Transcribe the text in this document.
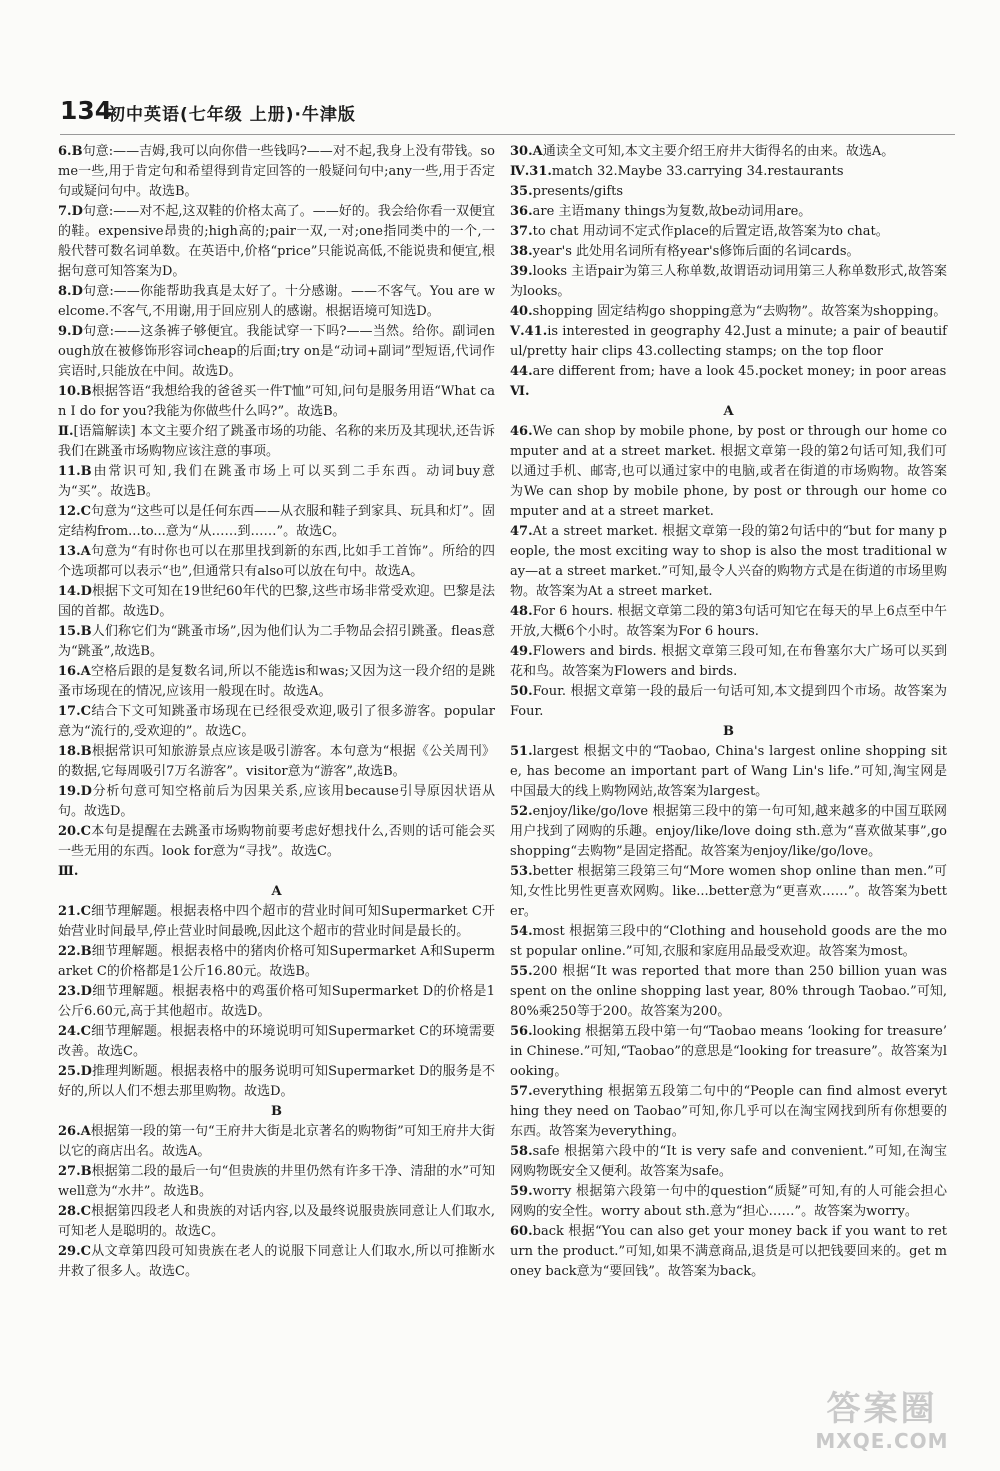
134
初中英语(七年级 上册)·牛津版
6.B句意:——吉姆,我可以向你借一些钱吗?——对不起,我身上没有带钱。some一些,用于肯定句和希望得到肯定回答的一般疑问句中;any一些,用于否定句或疑问句中。故选B。
7.D句意:——对不起,这双鞋的价格太高了。——好的。我会给你看一双便宜的鞋。expensive昂贵的;high高的;pair一双,一对;one指同类中的一个,一般代替可数名词单数。在英语中,价格“price”只能说高低,不能说贵和便宜,根据句意可知答案为D。
8.D句意:——你能帮助我真是太好了。十分感谢。——不客气。You are welcome.不客气,不用谢,用于回应别人的感谢。根据语境可知选D。
9.D句意:——这条裤子够便宜。我能试穿一下吗?——当然。给你。副词enough放在被修饰形容词cheap的后面;try on是“动词+副词”型短语,代词作宾语时,只能放在中间。故选D。
10.B根据答语“我想给我的爸爸买一件T恤”可知,问句是服务用语“What can I do for you?我能为你做些什么吗?”。故选B。
Ⅱ.[语篇解读] 本文主要介绍了跳蚤市场的功能、名称的来历及其现状,还告诉我们在跳蚤市场购物应该注意的事项。
11.B由常识可知,我们在跳蚤市场上可以买到二手东西。动词buy意为“买”。故选B。
12.C句意为“这些可以是任何东西——从衣服和鞋子到家具、玩具和灯”。固定结构from...to...意为“从……到……”。故选C。
13.A句意为“有时你也可以在那里找到新的东西,比如手工首饰”。所给的四个选项都可以表示“也”,但通常只有also可以放在句中。故选A。
14.D根据下文可知在19世纪60年代的巴黎,这些市场非常受欢迎。巴黎是法国的首都。故选D。
15.B人们称它们为“跳蚤市场”,因为他们认为二手物品会招引跳蚤。fleas意为“跳蚤”,故选B。
16.A空格后跟的是复数名词,所以不能选is和was;又因为这一段介绍的是跳蚤市场现在的情况,应该用一般现在时。故选A。
17.C结合下文可知跳蚤市场现在已经很受欢迎,吸引了很多游客。popular意为“流行的,受欢迎的”。故选C。
18.B根据常识可知旅游景点应该是吸引游客。本句意为“根据《公关周刊》的数据,它每周吸引7万名游客”。visitor意为“游客”,故选B。
19.D分析句意可知空格前后为因果关系,应该用because引导原因状语从句。故选D。
20.C本句是提醒在去跳蚤市场购物前要考虑好想找什么,否则的话可能会买一些无用的东西。look for意为“寻找”。故选C。
Ⅲ.
A
21.C细节理解题。根据表格中四个超市的营业时间可知Supermarket C开始营业时间最早,停止营业时间最晚,因此这个超市的营业时间是最长的。
22.B细节理解题。根据表格中的猪肉价格可知Supermarket A和Supermarket C的价格都是1公斤16.80元。故选B。
23.D细节理解题。根据表格中的鸡蛋价格可知Supermarket D的价格是1公斤6.60元,高于其他超市。故选D。
24.C细节理解题。根据表格中的环境说明可知Supermarket C的环境需要改善。故选C。
25.D推理判断题。根据表格中的服务说明可知Supermarket D的服务是不好的,所以人们不想去那里购物。故选D。
B
26.A根据第一段的第一句“王府井大街是北京著名的购物街”可知王府井大街以它的商店出名。故选A。
27.B根据第二段的最后一句“但贵族的井里仍然有许多干净、清甜的水”可知well意为“水井”。故选B。
28.C根据第四段老人和贵族的对话内容,以及最终说服贵族同意让人们取水,可知老人是聪明的。故选C。
29.C从文章第四段可知贵族在老人的说服下同意让人们取水,所以可推断水井救了很多人。故选C。
30.A通读全文可知,本文主要介绍王府井大街得名的由来。故选A。
Ⅳ.31.match 32.Maybe 33.carrying 34.restaurants
35.presents/gifts
36.are 主语many things为复数,故be动词用are。
37.to chat 用动词不定式作place的后置定语,故答案为to chat。
38.year's 此处用名词所有格year's修饰后面的名词cards。
39.looks 主语pair为第三人称单数,故谓语动词用第三人称单数形式,故答案为looks。
40.shopping 固定结构go shopping意为“去购物”。故答案为shopping。
Ⅴ.41.is interested in geography 42.Just a minute; a pair of beautiful/pretty hair clips 43.collecting stamps; on the top floor
44.are different from; have a look 45.pocket money; in poor areas
Ⅵ.
A
46.We can shop by mobile phone, by post or through our home computer and at a street market. 根据文章第一段的第2句话可知,我们可以通过手机、邮寄,也可以通过家中的电脑,或者在街道的市场购物。故答案为We can shop by mobile phone, by post or through our home computer and at a street market.
47.At a street market. 根据文章第一段的第2句话中的“but for many people, the most exciting way to shop is also the most traditional way—at a street market.”可知,最令人兴奋的购物方式是在街道的市场里购物。故答案为At a street market.
48.For 6 hours. 根据文章第二段的第3句话可知它在每天的早上6点至中午开放,大概6个小时。故答案为For 6 hours.
49.Flowers and birds. 根据文章第三段可知,在布鲁塞尔大广场可以买到花和鸟。故答案为Flowers and birds.
50.Four. 根据文章第一段的最后一句话可知,本文提到四个市场。故答案为Four.
B
51.largest 根据文中的“Taobao, China's largest online shopping site, has become an important part of Wang Lin's life.”可知,淘宝网是中国最大的线上购物网站,故答案为largest。
52.enjoy/like/go/love 根据第三段中的第一句可知,越来越多的中国互联网用户找到了网购的乐趣。enjoy/like/love doing sth.意为“喜欢做某事”,go shopping“去购物”是固定搭配。故答案为enjoy/like/go/love。
53.better 根据第三段第三句“More women shop online than men.”可知,女性比男性更喜欢网购。like...better意为“更喜欢……”。故答案为better。
54.most 根据第三段中的“Clothing and household goods are the most popular online.”可知,衣服和家庭用品最受欢迎。故答案为most。
55.200 根据“It was reported that more than 250 billion yuan was spent on the online shopping last year, 80% through Taobao.”可知,80%乘250等于200。故答案为200。
56.looking 根据第五段中第一句“Taobao means ‘looking for treasure’ in Chinese.”可知,“Taobao”的意思是“looking for treasure”。故答案为looking。
57.everything 根据第五段第二句中的“People can find almost everything they need on Taobao”可知,你几乎可以在淘宝网找到所有你想要的东西。故答案为everything。
58.safe 根据第六段中的“It is very safe and convenient.”可知,在淘宝网购物既安全又便利。故答案为safe。
59.worry 根据第六段第一句中的question“质疑”可知,有的人可能会担心网购的安全性。worry about sth.意为“担心……”。故答案为worry。
60.back 根据“You can also get your money back if you want to return the product.”可知,如果不满意商品,退货是可以把钱要回来的。get money back意为“要回钱”。故答案为back。
答案圈
MXQE.COM
